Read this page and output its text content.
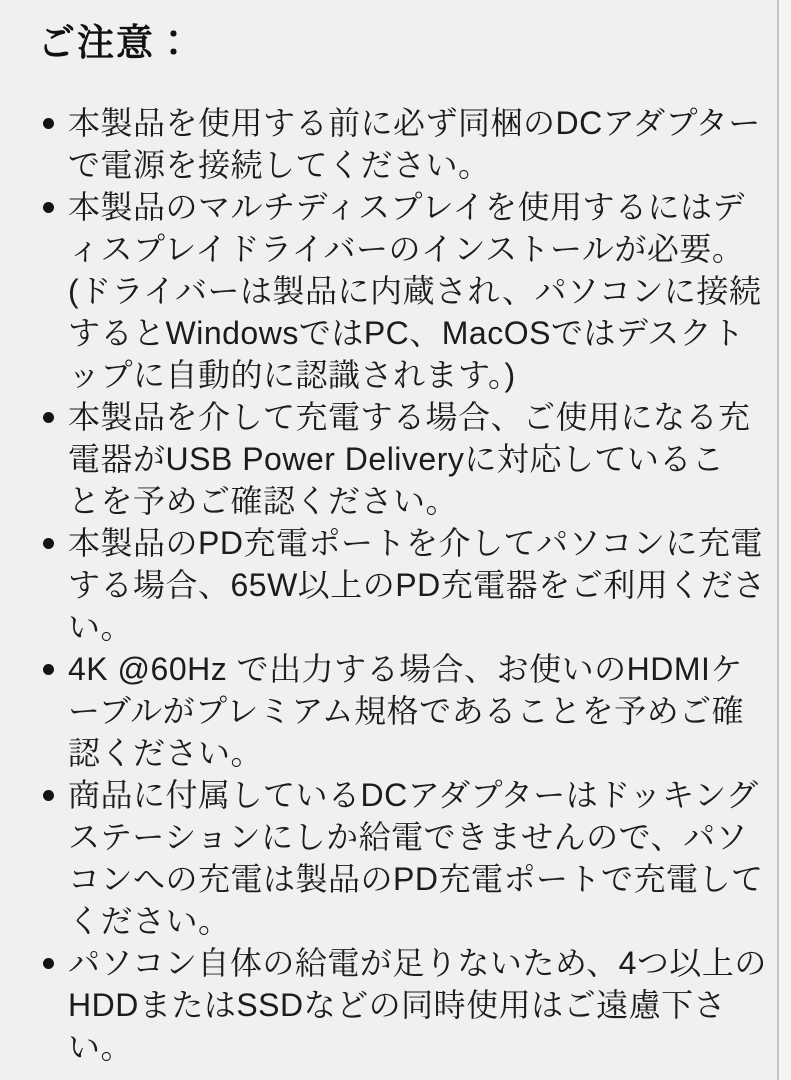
ご注意：
本製品を使用する前に必ず同梱のDCアダプター
で電源を接続してください。
本製品のマルチディスプレイを使用するにはデ
ィスプレイドライバーのインストールが必要。
(ドライバーは製品に内蔵され、パソコンに接続
するとWindowsではPC、MacOSではデスクト
ップに自動的に認識されます。)
本製品を介して充電する場合、ご使用になる充
電器がUSB Power Deliveryに対応しているこ
とを予めご確認ください。
本製品のPD充電ポートを介してパソコンに充電
する場合、65W以上のPD充電器をご利用くださ
い。
4K @60Hz で出力する場合、お使いのHDMIケ
ーブルがプレミアム規格であることを予めご確
認ください。
商品に付属しているDCアダプターはドッキング
ステーションにしか給電できませんので、パソ
コンへの充電は製品のPD充電ポートで充電して
ください。
パソコン自体の給電が足りないため、4つ以上の
HDDまたはSSDなどの同時使用はご遠慮下さ
い。
